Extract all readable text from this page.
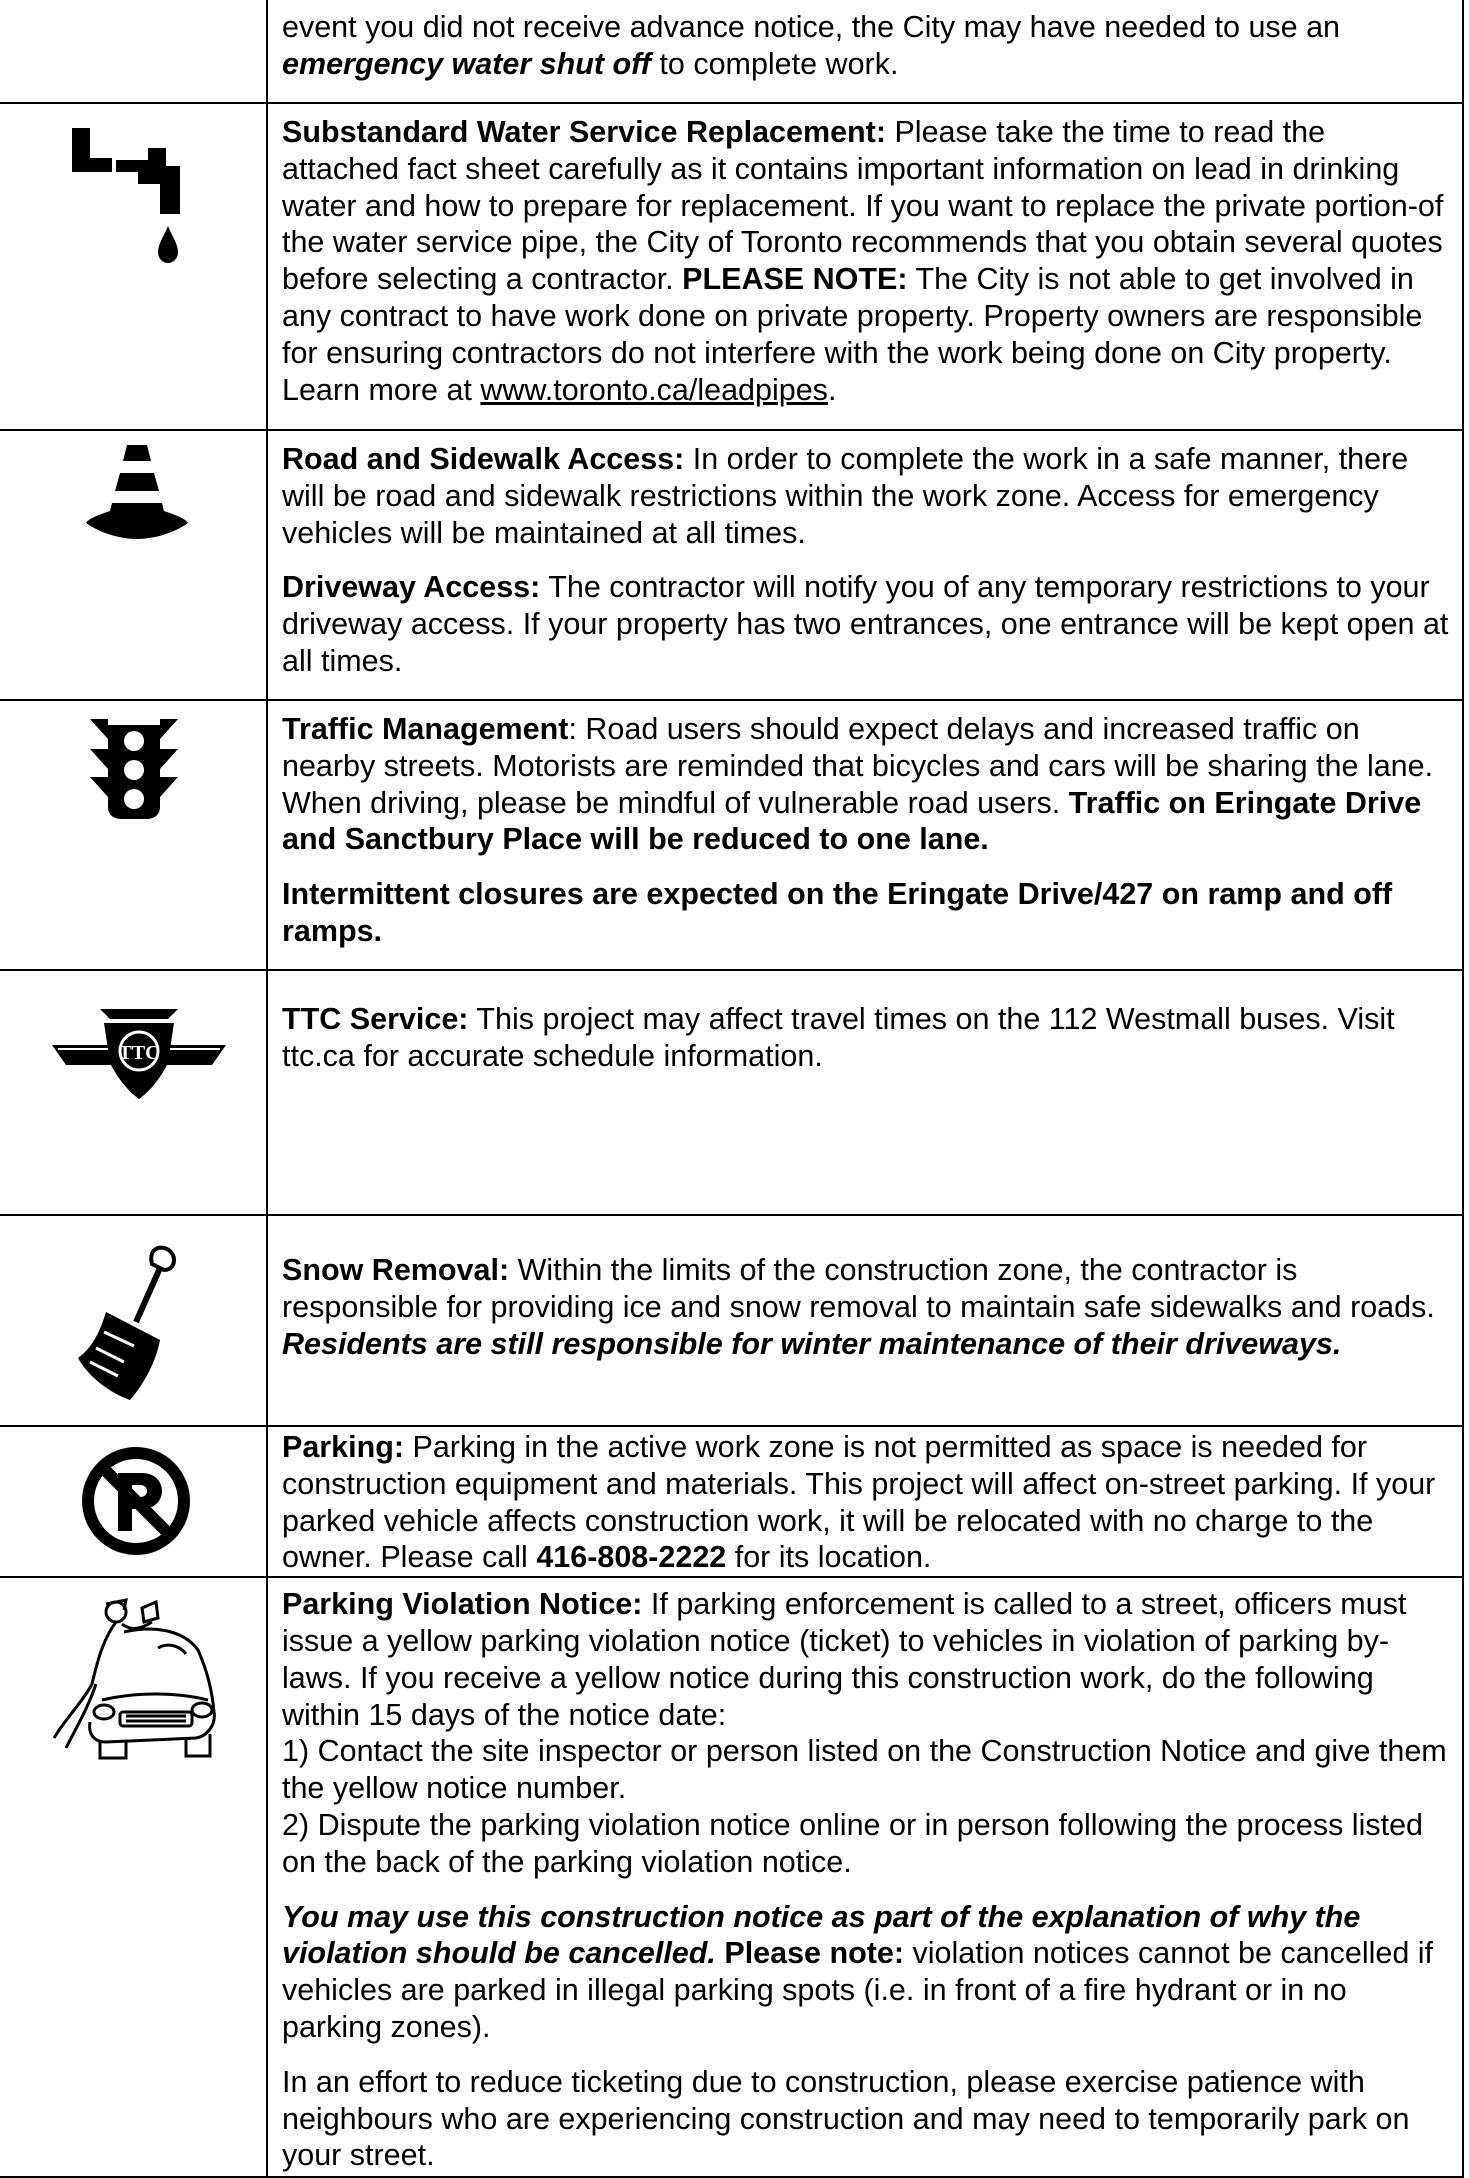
	event you did not receive advance notice, the City may have needed to use an emergency water shut off to complete work.

Substandard Water Service Replacement: Please take the time to read the attached fact sheet carefully as it contains important information on lead in drinking water and how to prepare for replacement. If you want to replace the private portion-of the water service pipe, the City of Toronto recommends that you obtain several quotes before selecting a contractor. PLEASE NOTE: The City is not able to get involved in any contract to have work done on private property. Property owners are responsible for ensuring contractors do not interfere with the work being done on City property. Learn more at www.toronto.ca/leadpipes.

Road and Sidewalk Access: In order to complete the work in a safe manner, there will be road and sidewalk restrictions within the work zone. Access for emergency vehicles will be maintained at all times.

Driveway Access: The contractor will notify you of any temporary restrictions to your driveway access. If your property has two entrances, one entrance will be kept open at all times.

Traffic Management: Road users should expect delays and increased traffic on nearby streets. Motorists are reminded that bicycles and cars will be sharing the lane. When driving, please be mindful of vulnerable road users. Traffic on Eringate Drive and Sanctbury Place will be reduced to one lane.

Intermittent closures are expected on the Eringate Drive/427 on ramp and off ramps.

TTC	TTC Service: This project may affect travel times on the 112 Westmall buses. Visit ttc.ca for accurate schedule information.

Snow Removal: Within the limits of the construction zone, the contractor is responsible for providing ice and snow removal to maintain safe sidewalks and roads. Residents are still responsible for winter maintenance of their driveways.

Parking: Parking in the active work zone is not permitted as space is needed for construction equipment and materials. This project will affect on-street parking. If your parked vehicle affects construction work, it will be relocated with no charge to the owner. Please call 416-808-2222 for its location.

Parking Violation Notice: If parking enforcement is called to a street, officers must issue a yellow parking violation notice (ticket) to vehicles in violation of parking by-laws. If you receive a yellow notice during this construction work, do the following within 15 days of the notice date:
1) Contact the site inspector or person listed on the Construction Notice and give them the yellow notice number.
2) Dispute the parking violation notice online or in person following the process listed on the back of the parking violation notice.

You may use this construction notice as part of the explanation of why the violation should be cancelled. Please note: violation notices cannot be cancelled if vehicles are parked in illegal parking spots (i.e. in front of a fire hydrant or in no parking zones).

In an effort to reduce ticketing due to construction, please exercise patience with neighbours who are experiencing construction and may need to temporarily park on your street.
